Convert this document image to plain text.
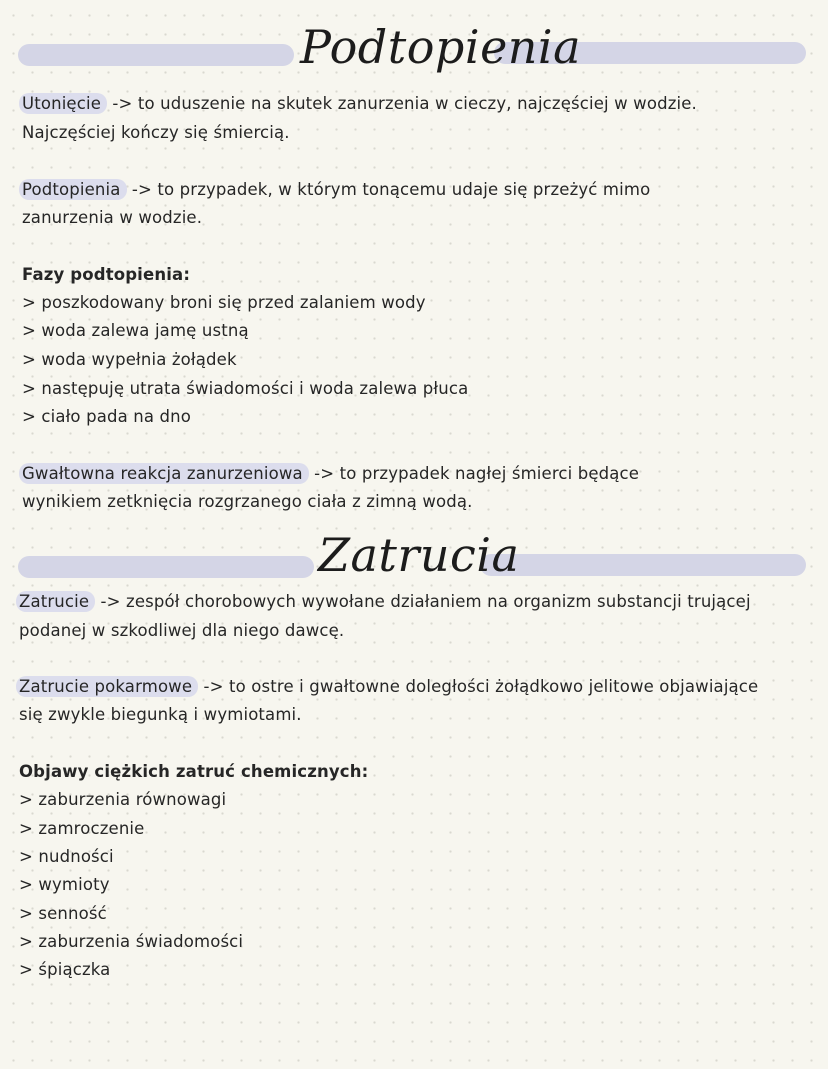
Podtopienia
Utonięcie -> to uduszenie na skutek zanurzenia w cieczy, najczęściej w wodzie.
Najczęściej kończy się śmiercią.
Podtopienia -> to przypadek, w którym tonącemu udaje się przeżyć mimo
zanurzenia w wodzie.
Fazy podtopienia:
> poszkodowany broni się przed zalaniem wody
> woda zalewa jamę ustną
> woda wypełnia żołądek
> następuję utrata świadomości i woda zalewa płuca
> ciało pada na dno
Gwałtowna reakcja zanurzeniowa -> to przypadek nagłej śmierci będące
wynikiem zetknięcia rozgrzanego ciała z zimną wodą.
Zatrucia
Zatrucie -> zespół chorobowych wywołane działaniem na organizm substancji trującej
podanej w szkodliwej dla niego dawcę.
Zatrucie pokarmowe -> to ostre i gwałtowne doległości żołądkowo jelitowe objawiające
się zwykle biegunką i wymiotami.
Objawy ciężkich zatruć chemicznych:
> zaburzenia równowagi
> zamroczenie
> nudności
> wymioty
> senność
> zaburzenia świadomości
> śpiączka
